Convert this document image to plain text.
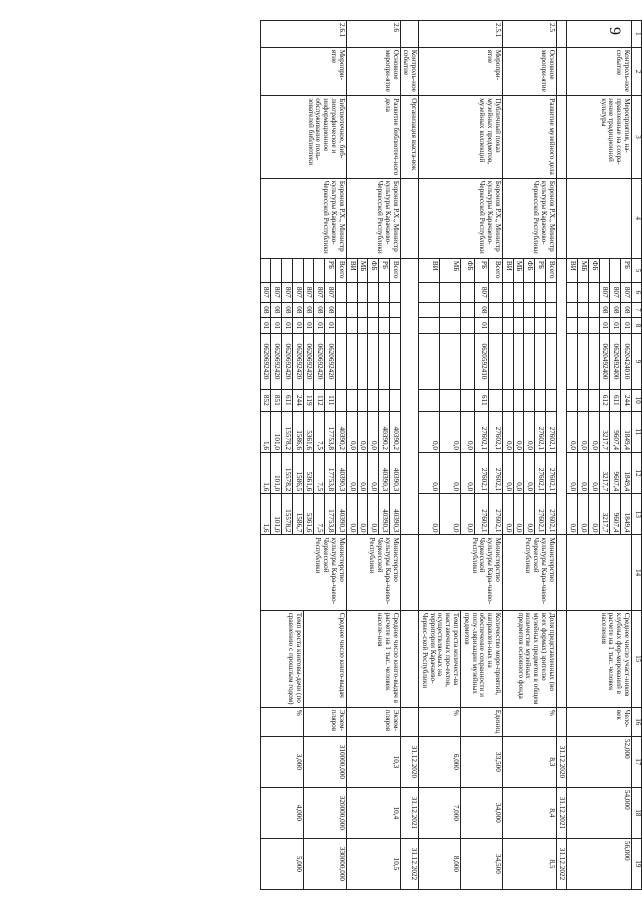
9 1	2	3	4	5	6	7	8	9	10	11	12	13	14	15	16	17	18	19
	Контроль-ное событие	Мероприятия, на-правленные на сохра-нение традиционной культуры		РБ	807	08	01	0620424010	244	1849,4	1849,4	1849,4		Среднее число участ-ников клубных фор-мирований в расчете на 1 тыс. человек населения	Чело-век	52,000	54,000	56,000
					807	08	01	0620492400	611	9607,4	9607,4	9607,4						
					807	08	01	0620492400	612	3217,7	3217,7	3217,7						
				ФБ						0,0	0,0	0,0						
				МБ						0,0	0,0	0,0						
				ВИ						0,0	0,0	0,0						
																31.12.2020	31.12.2021	31.12.2022
2.5	Основное меропри-ятие	Развитие музейного дела	Боронов Р.Х., Министр культуры Карачаево-Черкесской Республики	Всего						27602,1	27602,1	27602,1	Министерство культуры Кара-чаево-Черкесской Республики	Доля представленных (во всех формах) зрителю музейных предметов в общем количестве музейных предметов основного фонда	%	8,3	8,4	8,5
				РБ						27602,1	27602,1	27602,1						
				ФБ						0,0	0,0	0,0						
				МБ						0,0	0,0	0,0						
				ВИ						0,0	0,0	0,0						
2.5.1	Меропри-ятие	Публичный показ музейных предметов, музейных коллекций	Боронов Р.Х., Министр культуры Карачаево-Черкесской Республики	Всего						27602,1	27602,1	27602,1	Министерство культуры Кара-чаево-Черкесской Республики	Количество моро-приятий, направлен-ных на обеспечение сохранности и попу-ляризации музейных предметов	Единиц	33,500	34,000	34,500
				РБ	807	08	01	0620592410	611	27602,1	27602,1	27602,1						
				ФБ						0,0	0,0	0,0						
				МБ						0,0	0,0	0,0		Темп роста количест-ва выставочных про-ектов, осуществляе-мых на территории Карачаево-Черкес-ской Республики	%	6,000	7,000	8,000
				ВИ						0,0	0,0	0,0						
	Контроль-ное событие	Организация выста-вок														31.12.2020	31.12.2021	31.12.2022
2.6	Основное меропри-ятие	Развитие библиотеч-ного дела	Боронов Р.Х., Министр культуры Карачаево-Черкесской Республики	Всего						40390,2	40390,3	40390,3	Министерство культуры Кара-чаево-Черкесской Республики	Среднее число книго-выдач в расчете на 1 тыс. человек населе-ния	Экзем-пляров	10,3	10,4	10,5
				РБ						40390,2	40390,3	40390,3						
				ФБ						0,0	0,0	0,0						
				МБ						0,0	0,0	0,0						
				ВИ						0,0	0,0	0,0						
2.6.1	Меропри-ятие	Библиотечное, биб-лиографическое и информационное обслуживание поль-зователей библиотеки	Боронов Р.Х., Министр культуры Карачаево-Черкесской Республики	Всего						40390,2	40390,3	40390,3	Министерство культуры Кара-чаево-Черкесской Республики	Среднее число книго-выдач	Экзем-пляров	310000,000	320000,000	330000,000
				РБ	807	08	01	0620692420	111	17753,8	17753,8	17753,8						
					807	08	01	0620692420	112	7,5	7,5	7,5						
					807	08	01	0620692420	119	5361,6	5361,6	5361,6						
					807	08	01	0620692420	244	1586,6	1586,5	1586,7		Темп роста книговы-дачи (по сравнению с прошлым годом)	%	3,000	4,000	5,000
					807	08	01	0620692420	611	15578,2	15578,2	15578,2						
					807	08	01	0620692420	851	101,0	101,0	101,0						
					807	08	01	0620692420	852	1,6	1,6	1,6						
